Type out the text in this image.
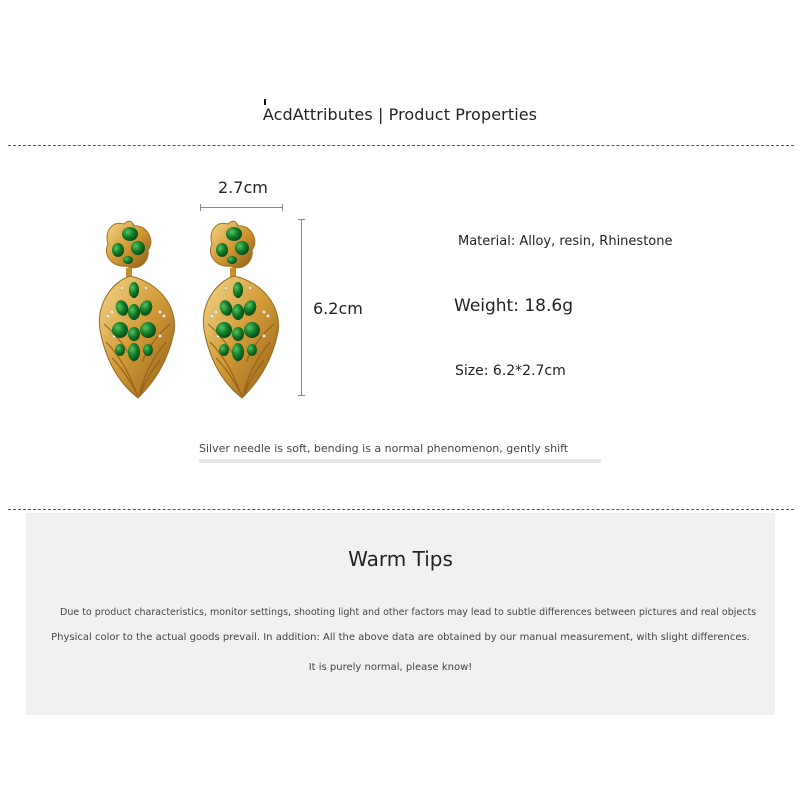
AcdAttributes | Product Properties
2.7cm
6.2cm
Material: Alloy, resin, Rhinestone
Weight: 18.6g
Size: 6.2*2.7cm
Silver needle is soft, bending is a normal phenomenon, gently shift
Warm Tips
Due to product characteristics, monitor settings, shooting light and other factors may lead to subtle differences between pictures and real objects
Physical color to the actual goods prevail. In addition: All the above data are obtained by our manual measurement, with slight differences.
It is purely normal, please know!
